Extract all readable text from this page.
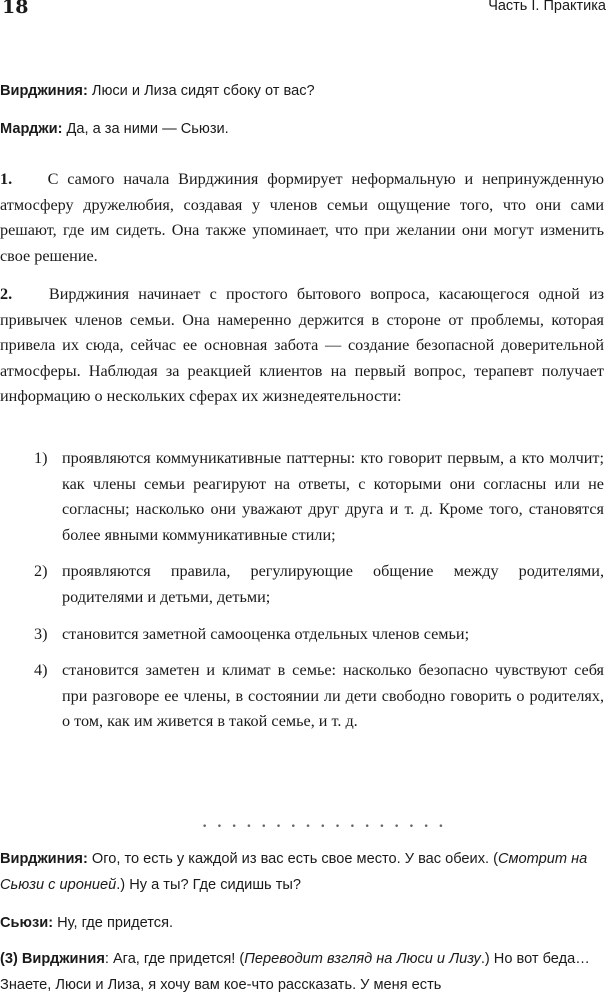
18	Часть I. Практика
Вирджиния: Люси и Лиза сидят сбоку от вас?
Марджи: Да, а за ними — Сьюзи.
1. С самого начала Вирджиния формирует неформальную и непринужденную атмосферу дружелюбия, создавая у членов семьи ощущение того, что они сами решают, где им сидеть. Она также упоминает, что при желании они могут изменить свое решение.
2. Вирджиния начинает с простого бытового вопроса, касающегося одной из привычек членов семьи. Она намеренно держится в стороне от проблемы, которая привела их сюда, сейчас ее основная забота — создание безопасной доверительной атмосферы. Наблюдая за реакцией клиентов на первый вопрос, терапевт получает информацию о нескольких сферах их жизнедеятельности:
1) проявляются коммуникативные паттерны: кто говорит первым, а кто молчит; как члены семьи реагируют на ответы, с которыми они согласны или не согласны; насколько они уважают друг друга и т. д. Кроме того, становятся более явными коммуникативные стили;
2) проявляются правила, регулирующие общение между родителями, родителями и детьми, детьми;
3) становится заметной самооценка отдельных членов семьи;
4) становится заметен и климат в семье: насколько безопасно чувствуют себя при разговоре ее члены, в состоянии ли дети свободно говорить о родителях, о том, как им живется в такой семье, и т. д.
• • • • • • • • • • • • • • • • •
Вирджиния: Ого, то есть у каждой из вас есть свое место. У вас обеих. (Смотрит на Сьюзи с иронией.) Ну а ты? Где сидишь ты?
Сьюзи: Ну, где придется.
(3) Вирджиния: Ага, где придется! (Переводит взгляд на Люси и Лизу.) Но вот беда… Знаете, Люси и Лиза, я хочу вам кое-что рассказать. У меня есть
